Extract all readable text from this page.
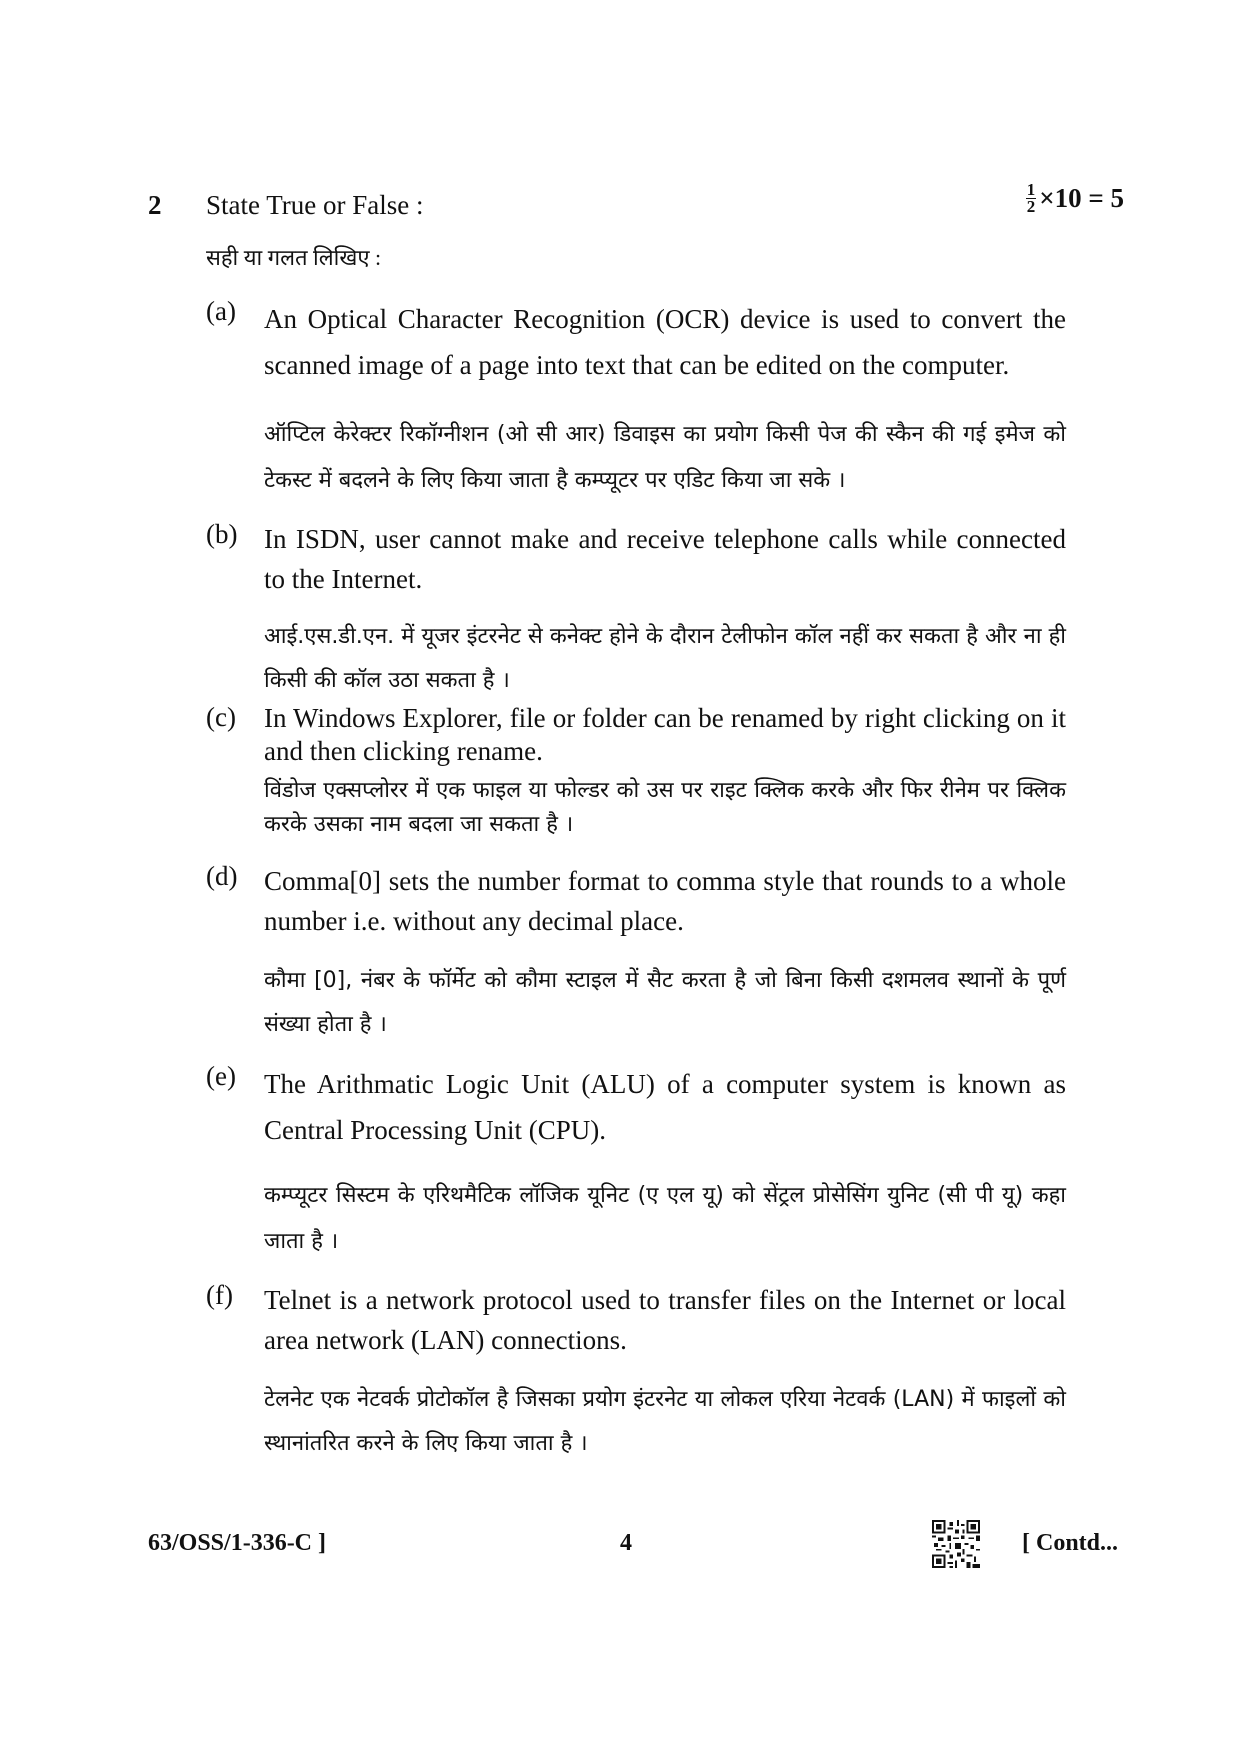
2 State True or False :
सही या गलत लिखिए :
$\frac{1}{2} \times 10 = 5$
(a) An Optical Character Recognition (OCR) device is used to convert the scanned image of a page into text that can be edited on the computer.
ऑप्टिल केरेक्टर रिकॉग्नीशन (ओ सी आर) डिवाइस का प्रयोग किसी पेज की स्कैन की गई इमेज को टेकस्ट में बदलने के लिए किया जाता है कम्प्यूटर पर एडिट किया जा सके ।
(b) In ISDN, user cannot make and receive telephone calls while connected to the Internet.
आई.एस.डी.एन. में यूजर इंटरनेट से कनेक्ट होने के दौरान टेलीफोन कॉल नहीं कर सकता है और ना ही किसी की कॉल उठा सकता है ।
(c) In Windows Explorer, file or folder can be renamed by right clicking on it and then clicking rename.
विंडोज एक्सप्लोरर में एक फाइल या फोल्डर को उस पर राइट क्लिक करके और फिर रीनेम पर क्लिक करके उसका नाम बदला जा सकता है ।
(d) Comma[0] sets the number format to comma style that rounds to a whole number i.e. without any decimal place.
कौमा [0], नंबर के फॉर्मेट को कौमा स्टाइल में सैट करता है जो बिना किसी दशमलव स्थानों के पूर्ण संख्या होता है ।
(e) The Arithmatic Logic Unit (ALU) of a computer system is known as Central Processing Unit (CPU).
कम्प्यूटर सिस्टम के एरिथमैटिक लॉजिक यूनिट (ए एल यू) को सेंट्रल प्रोसेसिंग युनिट (सी पी यू) कहा जाता है ।
(f) Telnet is a network protocol used to transfer files on the Internet or local area network (LAN) connections.
टेलनेट एक नेटवर्क प्रोटोकॉल है जिसका प्रयोग इंटरनेट या लोकल एरिया नेटवर्क (LAN) में फाइलों को स्थानांतरित करने के लिए किया जाता है ।
63/OSS/1-336-C ]	4	[ Contd...
